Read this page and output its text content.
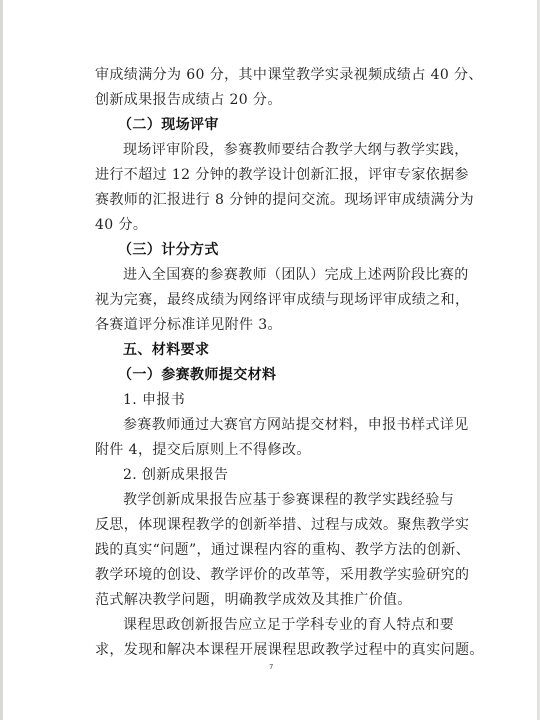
审成绩满分为 60 分，其中课堂教学实录视频成绩占 40 分、
创新成果报告成绩占 20 分。
（二）现场评审
现场评审阶段，参赛教师要结合教学大纲与教学实践，
进行不超过 12 分钟的教学设计创新汇报，评审专家依据参
赛教师的汇报进行 8 分钟的提问交流。现场评审成绩满分为
40 分。
（三）计分方式
进入全国赛的参赛教师（团队）完成上述两阶段比赛的
视为完赛，最终成绩为网络评审成绩与现场评审成绩之和，
各赛道评分标准详见附件 3。
五、材料要求
（一）参赛教师提交材料
1. 申报书
参赛教师通过大赛官方网站提交材料，申报书样式详见
附件 4，提交后原则上不得修改。
2. 创新成果报告
教学创新成果报告应基于参赛课程的教学实践经验与
反思，体现课程教学的创新举措、过程与成效。聚焦教学实
践的真实“问题”，通过课程内容的重构、教学方法的创新、
教学环境的创设、教学评价的改革等，采用教学实验研究的
范式解决教学问题，明确教学成效及其推广价值。
课程思政创新报告应立足于学科专业的育人特点和要
求，发现和解决本课程开展课程思政教学过程中的真实问题。
7
